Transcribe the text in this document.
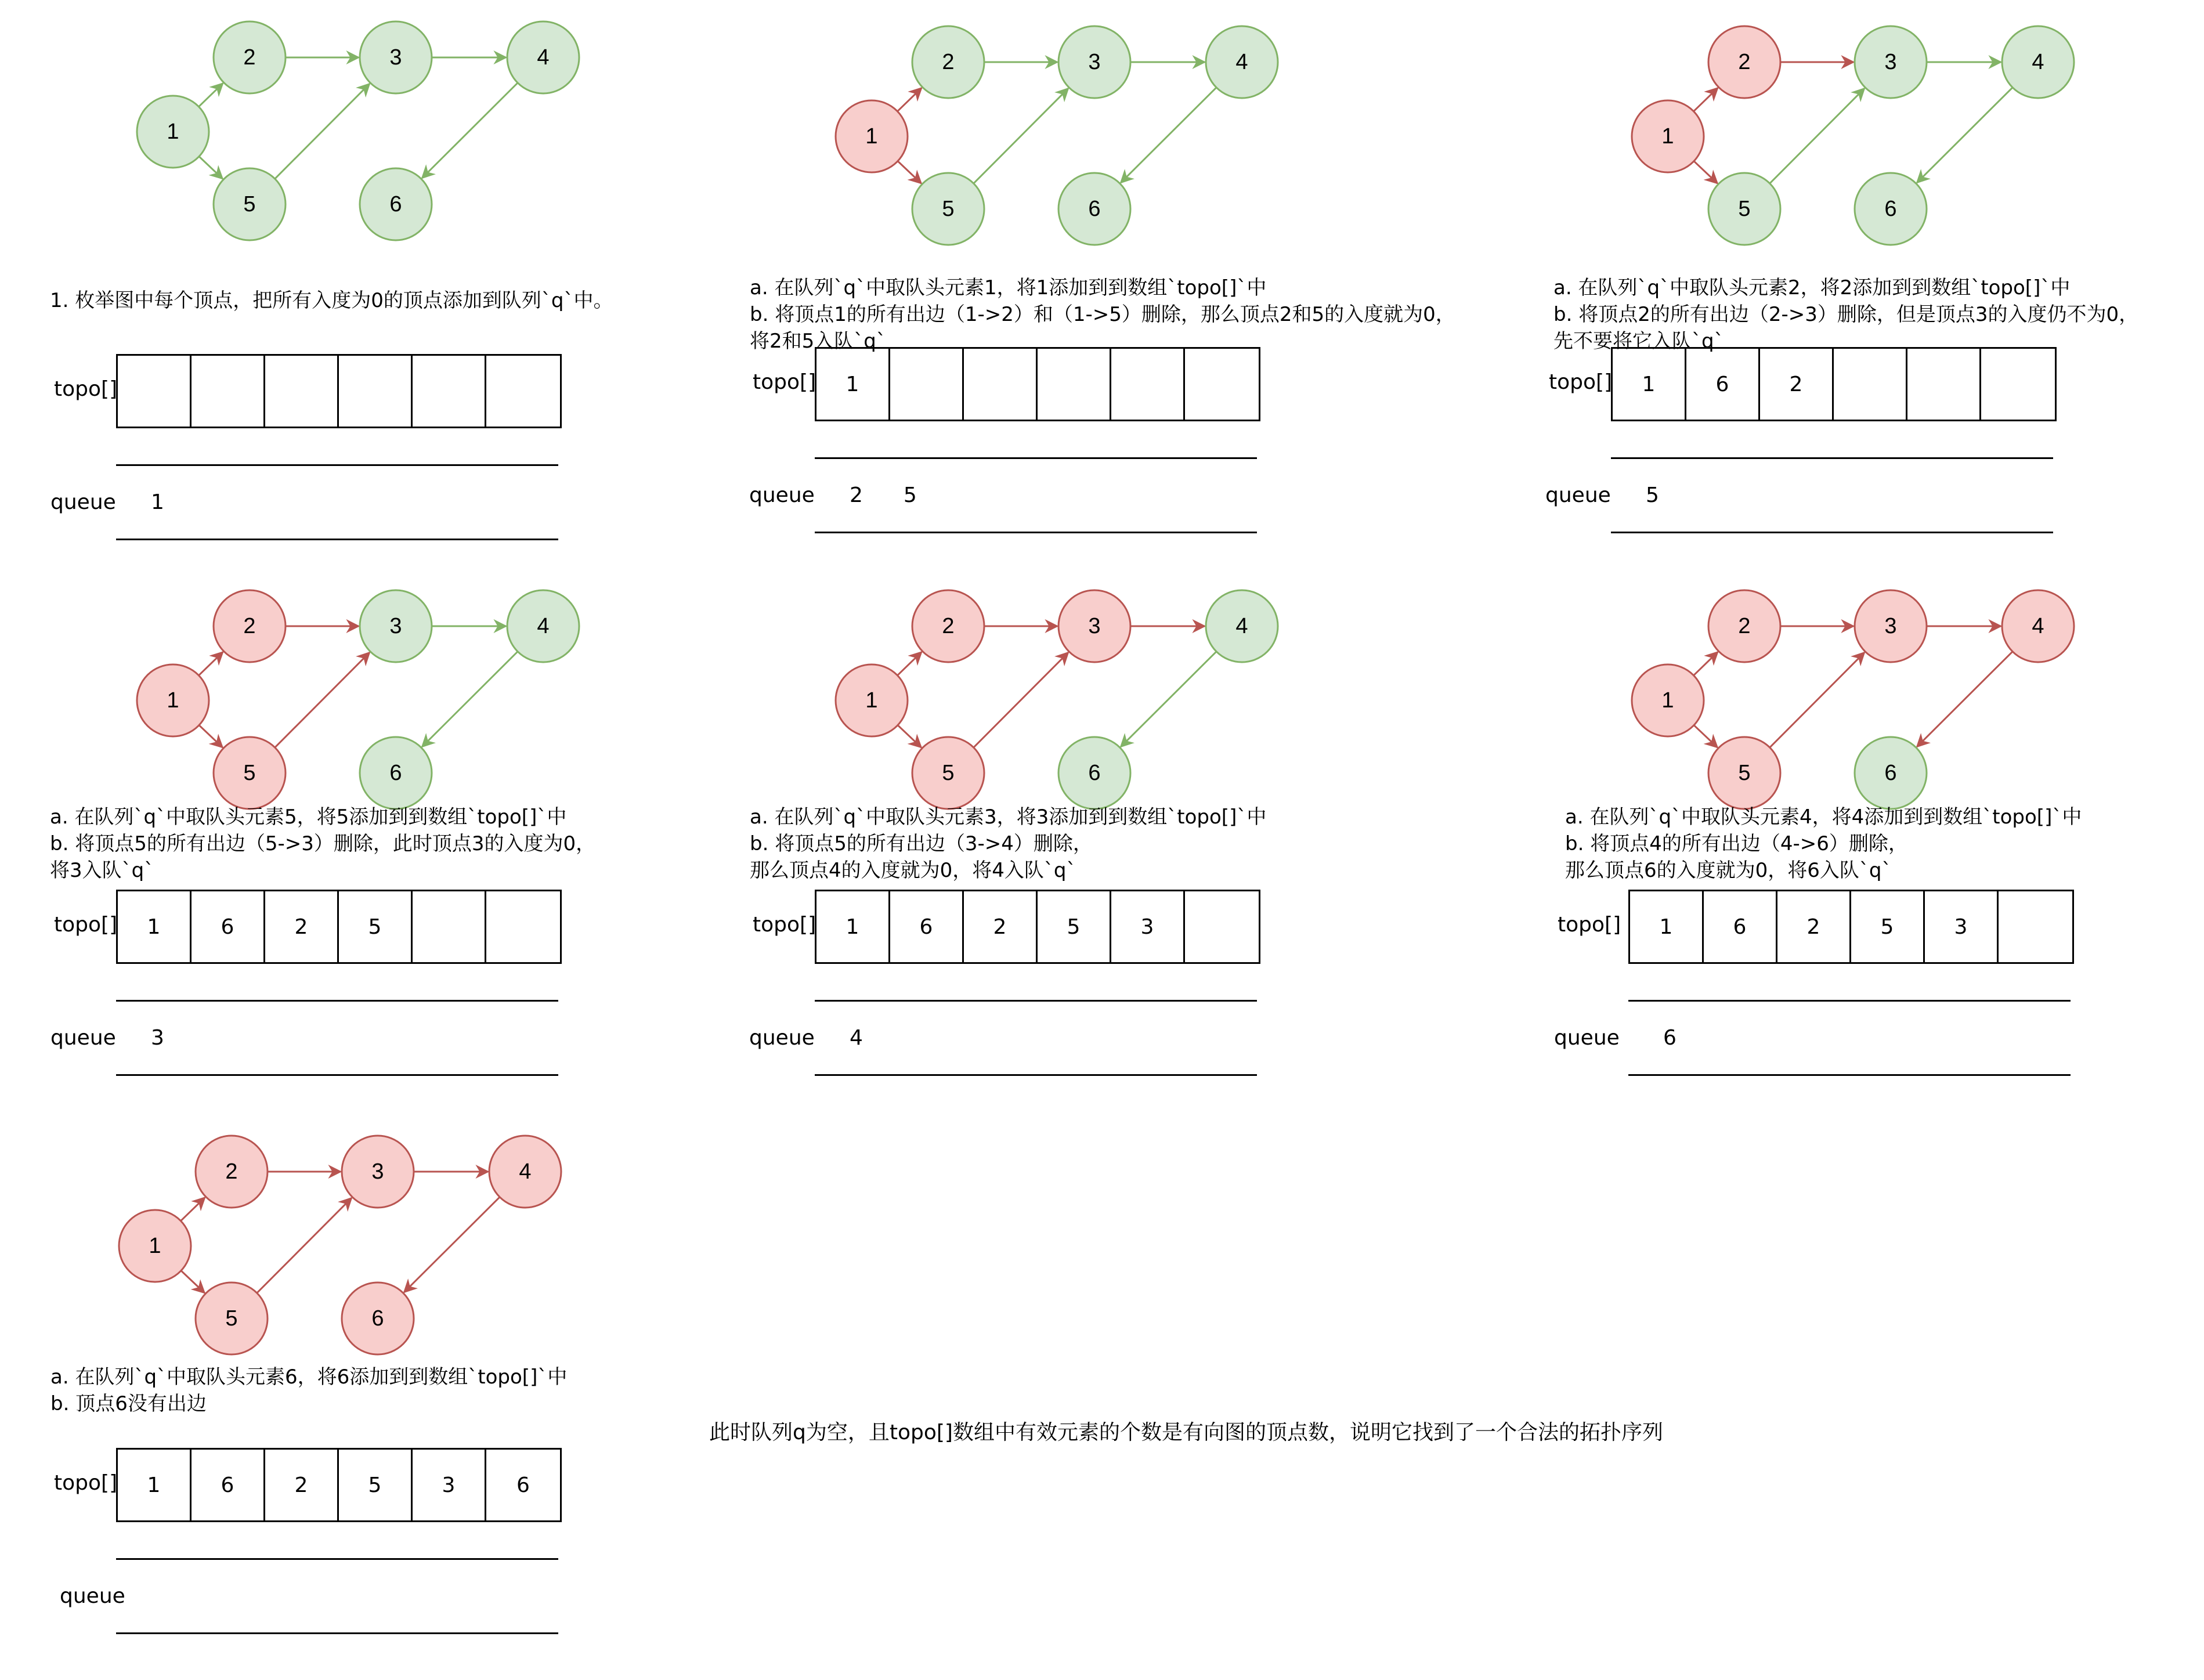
1
2	3	4
5	6
1. 枚举图中每个顶点，把所有入度为0的顶点添加到队列`q`中。
topo[]
queue 1
1
2	3	4
5	6
a. 在队列`q`中取队头元素1，将1添加到到数组`topo[]`中
b. 将顶点1的所有出边（1->2）和（1->5）删除，那么顶点2和5的入度就为0，
将2和5入队`q`
topo[]	1
queue 2 5
1
2	3	4
5	6
a. 在队列`q`中取队头元素2，将2添加到到数组`topo[]`中
b. 将顶点2的所有出边（2->3）删除，但是顶点3的入度仍不为0，
先不要将它入队`q`
topo[]	1	6	2
queue 5
1
2	3	4
5	6
a. 在队列`q`中取队头元素5，将5添加到到数组`topo[]`中
b. 将顶点5的所有出边（5->3）删除，此时顶点3的入度为0，
将3入队`q`
topo[]	1	6	2	5
queue 3
1
2	3	4
5	6
a. 在队列`q`中取队头元素3，将3添加到到数组`topo[]`中
b. 将顶点5的所有出边（3->4）删除，
那么顶点4的入度就为0，将4入队`q`
topo[]	1	6	2	5	3
queue 4
1
2	3	4
5	6
a. 在队列`q`中取队头元素4，将4添加到到数组`topo[]`中
b. 将顶点4的所有出边（4->6）删除，
那么顶点6的入度就为0，将6入队`q`
topo[]	1	6	2	5	3
queue 6
1
2	3	4
5	6
a. 在队列`q`中取队头元素6，将6添加到到数组`topo[]`中
b. 顶点6没有出边
topo[]	1	6	2	5	3	6
queue
此时队列q为空，且topo[]数组中有效元素的个数是有向图的顶点数，说明它找到了一个合法的拓扑序列
